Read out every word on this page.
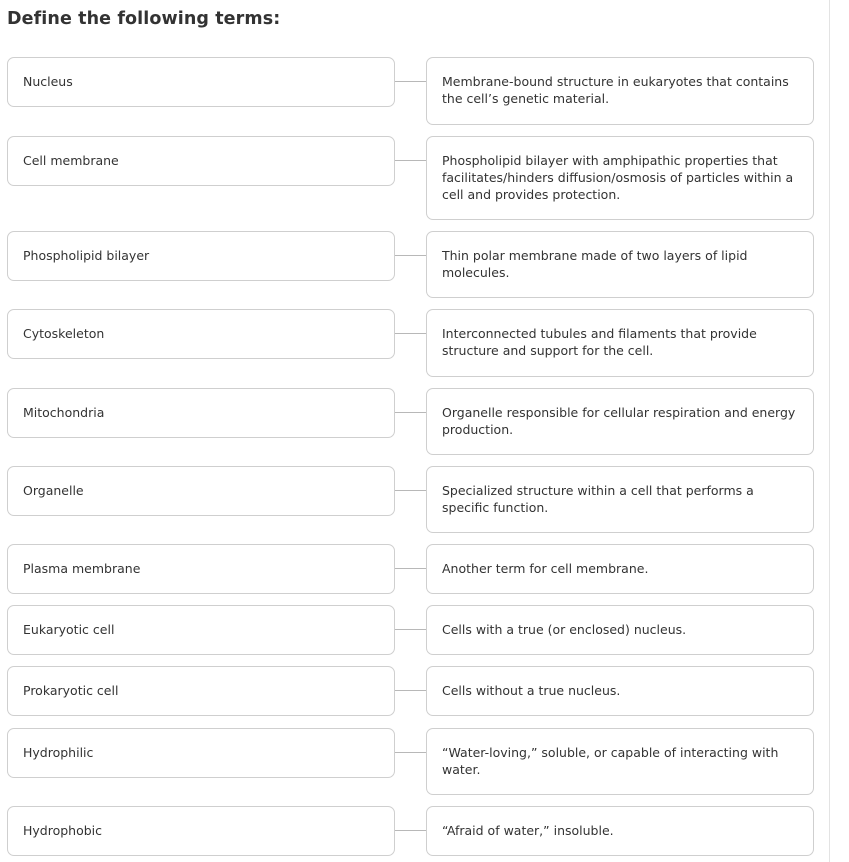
Define the following terms:
Nucleus	Membrane-bound structure in eukaryotes that contains the cell’s genetic material.
Cell membrane	Phospholipid bilayer with amphipathic properties that facilitates/hinders diffusion/osmosis of particles within a cell and provides protection.
Phospholipid bilayer	Thin polar membrane made of two layers of lipid molecules.
Cytoskeleton	Interconnected tubules and filaments that provide structure and support for the cell.
Mitochondria	Organelle responsible for cellular respiration and energy production.
Organelle	Specialized structure within a cell that performs a specific function.
Plasma membrane	Another term for cell membrane.
Eukaryotic cell	Cells with a true (or enclosed) nucleus.
Prokaryotic cell	Cells without a true nucleus.
Hydrophilic	“Water-loving,” soluble, or capable of interacting with water.
Hydrophobic	“Afraid of water,” insoluble.
